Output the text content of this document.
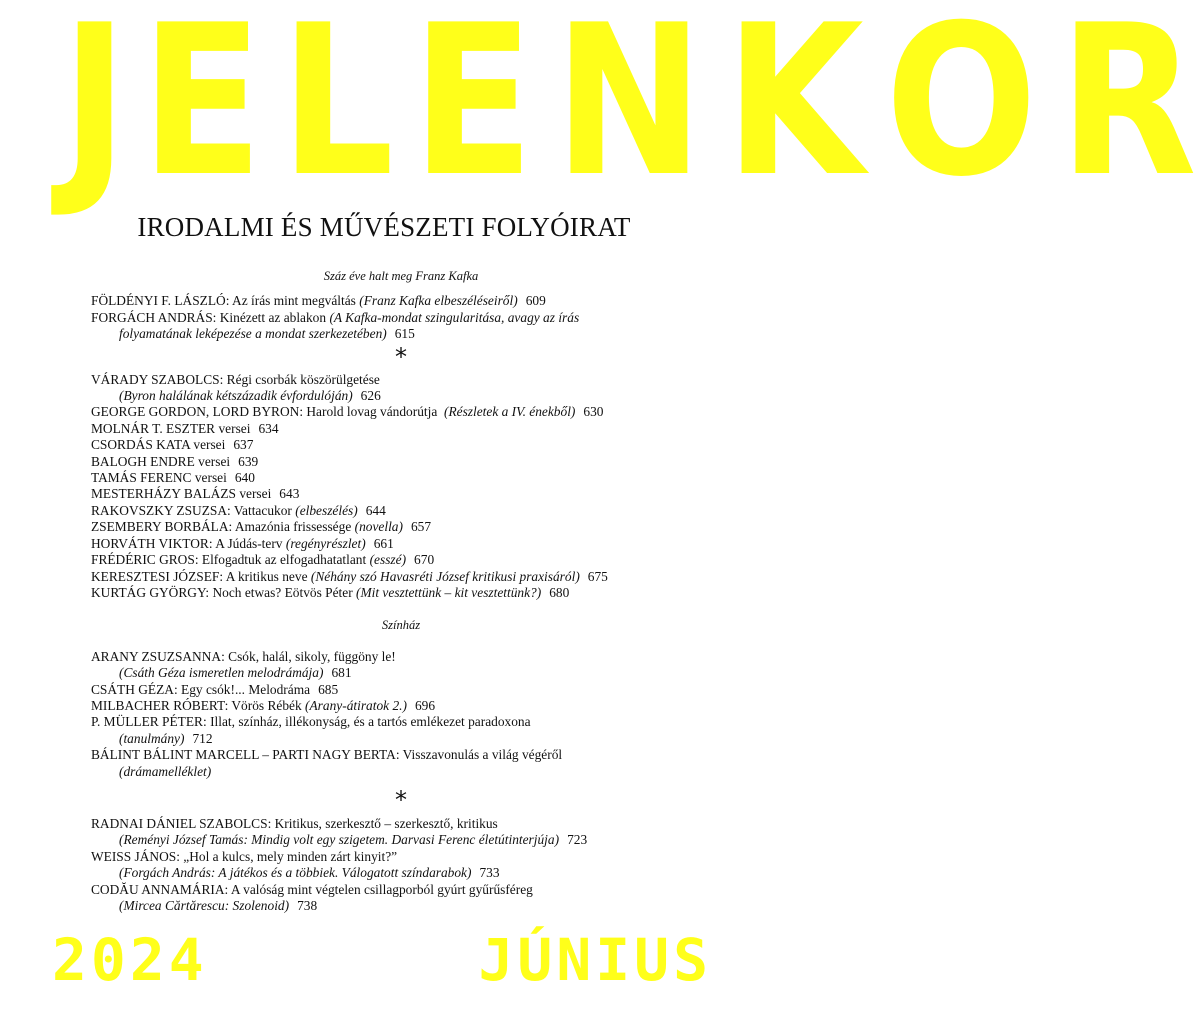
J E L E N K O R
IRODALMI ÉS MŰVÉSZETI FOLYÓIRAT
Száz éve halt meg Franz Kafka
FÖLDÉNYI F. LÁSZLÓ: Az írás mint megváltás (Franz Kafka elbeszéléseiről) 609
FORGÁCH ANDRÁS: Kinézett az ablakon (A Kafka-mondat szingularitása, avagy az írás
folyamatának leképezése a mondat szerkezetében) 615
*
VÁRADY SZABOLCS: Régi csorbák köszörülgetése
(Byron halálának kétszázadik évfordulóján) 626
GEORGE GORDON, LORD BYRON: Harold lovag vándorútja (Részletek a IV. énekből) 630
MOLNÁR T. ESZTER versei 634
CSORDÁS KATA versei 637
BALOGH ENDRE versei 639
TAMÁS FERENC versei 640
MESTERHÁZY BALÁZS versei 643
RAKOVSZKY ZSUZSA: Vattacukor (elbeszélés) 644
ZSEMBERY BORBÁLA: Amazónia frissessége (novella) 657
HORVÁTH VIKTOR: A Júdás-terv (regényrészlet) 661
FRÉDÉRIC GROS: Elfogadtuk az elfogadhatatlant (esszé) 670
KERESZTESI JÓZSEF: A kritikus neve (Néhány szó Havasréti József kritikusi praxisáról) 675
KURTÁG GYÖRGY: Noch etwas? Eötvös Péter (Mit vesztettünk – kit vesztettünk?) 680
Színház
ARANY ZSUZSANNA: Csók, halál, sikoly, függöny le!
(Csáth Géza ismeretlen melodrámája) 681
CSÁTH GÉZA: Egy csók!... Melodráma 685
MILBACHER RÓBERT: Vörös Rébék (Arany-átiratok 2.) 696
P. MÜLLER PÉTER: Illat, színház, illékonyság, és a tartós emlékezet paradoxona
(tanulmány) 712
BÁLINT BÁLINT MARCELL – PARTI NAGY BERTA: Visszavonulás a világ végéről
(drámamelléklet)
*
RADNAI DÁNIEL SZABOLCS: Kritikus, szerkesztő – szerkesztő, kritikus
(Reményi József Tamás: Mindig volt egy szigetem. Darvasi Ferenc életútinterjúja) 723
WEISS JÁNOS: „Hol a kulcs, mely minden zárt kinyit?”
(Forgách András: A játékos és a többiek. Válogatott színdarabok) 733
CODĂU ANNAMÁRIA: A valóság mint végtelen csillagporból gyúrt gyűrűsféreg
(Mircea Cărtărescu: Szolenoid) 738
2024	JÚNIUS
